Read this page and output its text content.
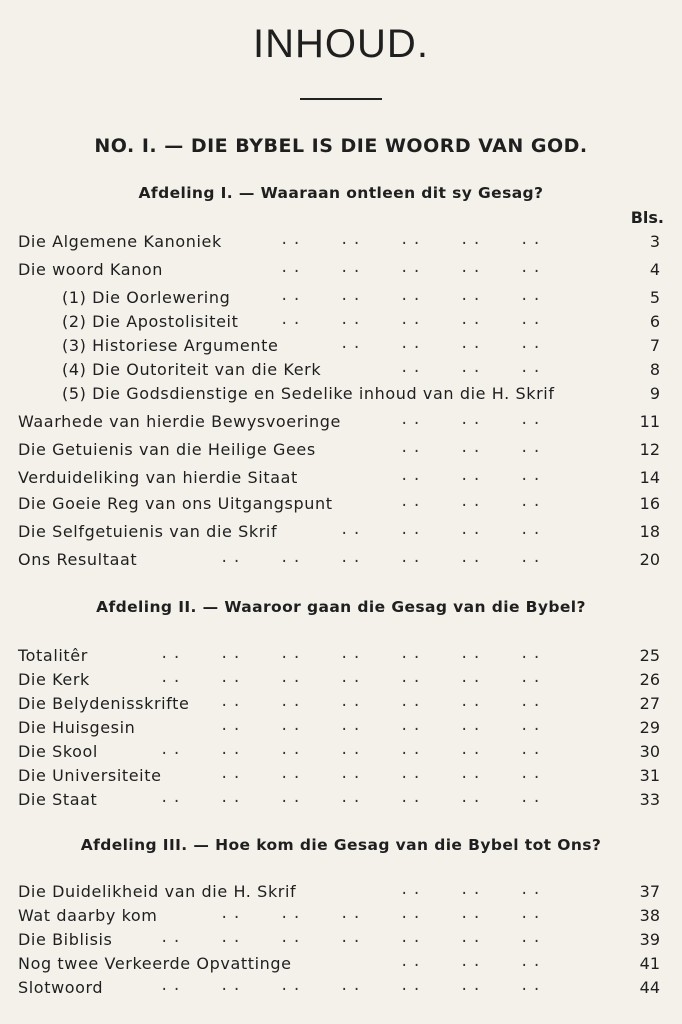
INHOUD.
NO. I. — DIE BYBEL IS DIE WOORD VAN GOD.
Afdeling I. — Waaraan ontleen dit sy Gesag?
Bls.
Die Algemene Kanoniek	..	..	..	..	..	3
Die woord Kanon	..	..	..	..	..	4
(1) Die Oorlewering	..	..	..	..	..	5
(2) Die Apostolisiteit	..	..	..	..	..	6
(3) Historiese Argumente	..	..	..	..	7
(4) Die Outoriteit van die Kerk	..	..	..	8
(5) Die Godsdienstige en Sedelike inhoud van die H. Skrif	9
Waarhede van hierdie Bewysvoeringe	..	..	..	11
Die Getuienis van die Heilige Gees	..	..	..	12
Verduideliking van hierdie Sitaat	..	..	..	14
Die Goeie Reg van ons Uitgangspunt	..	..	..	16
Die Selfgetuienis van die Skrif	..	..	..	..	18
Ons Resultaat	..	..	..	..	..	..	20
Afdeling II. — Waaroor gaan die Gesag van die Bybel?
Totalitêr	..	..	..	..	..	..	..	25
Die Kerk	..	..	..	..	..	..	..	26
Die Belydenisskrifte ..	..	..	..	..	..	27
Die Huisgesin	..	..	..	..	..	..	29
Die Skool	..	..	..	..	..	..	..	30
Die Universiteite	..	..	..	..	..	..	31
Die Staat	..	..	..	..	..	..	..	33
Afdeling III. — Hoe kom die Gesag van die Bybel tot Ons?
Die Duidelikheid van die H. Skrif	..	..	..	37
Wat daarby kom	..	..	..	..	..	..	38
Die Biblisis	..	..	..	..	..	..	..	39
Nog twee Verkeerde Opvattinge	..	..	..	41
Slotwoord	..	..	..	..	..	..	..	44
